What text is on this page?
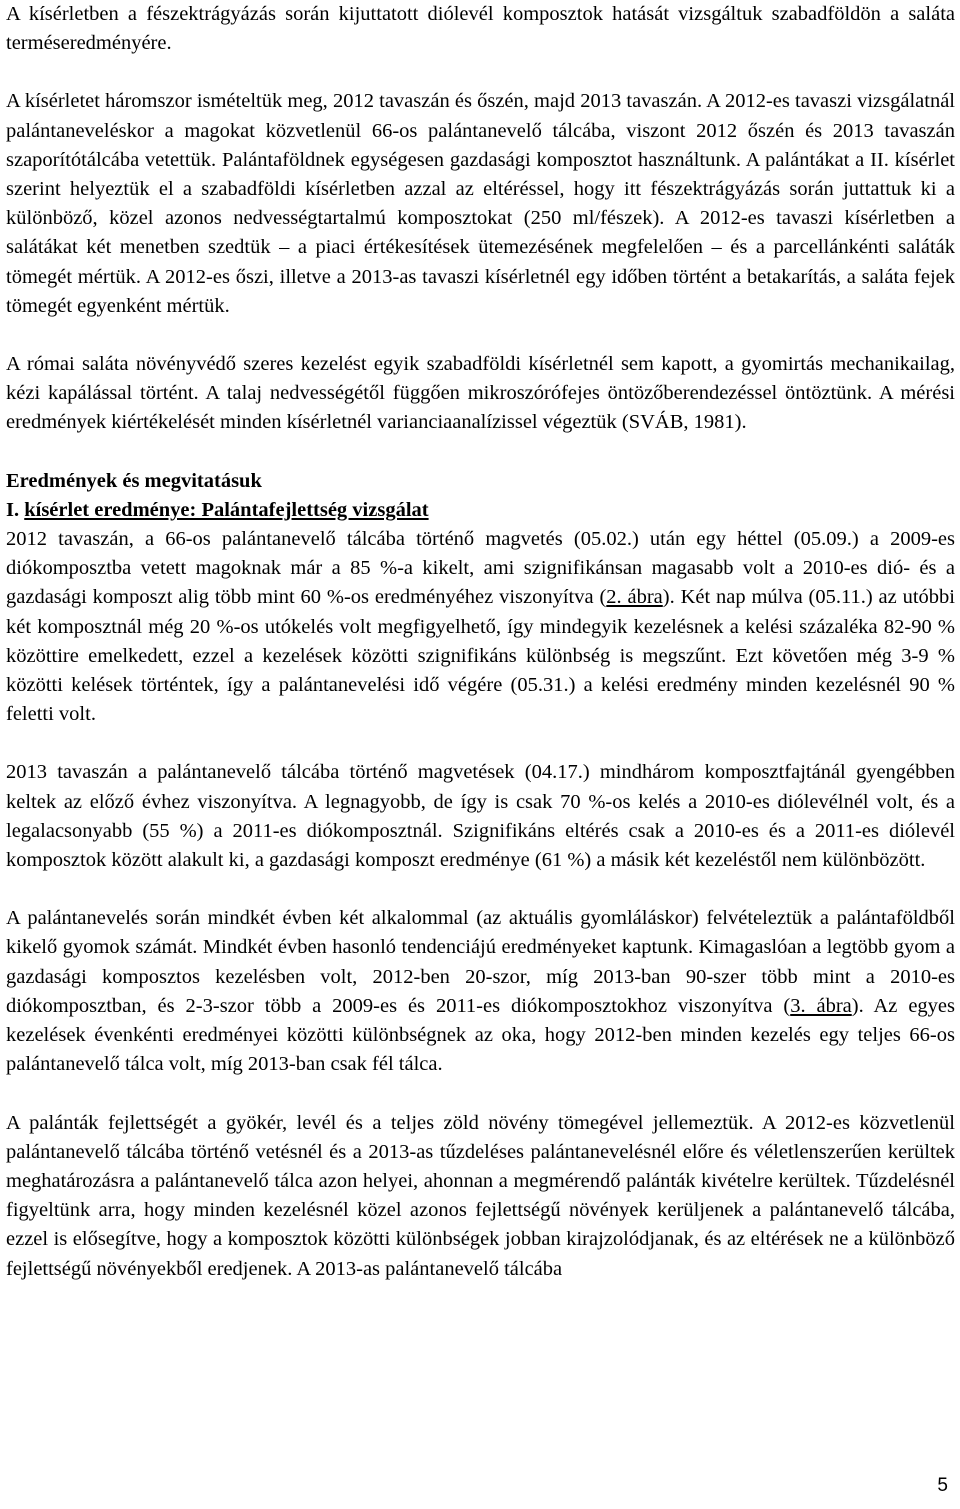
A kísérletben a fészektrágyázás során kijuttatott diólevél komposztok hatását vizsgáltuk szabadföldön a saláta terméseredményére.

A kísérletet háromszor ismételtük meg, 2012 tavaszán és őszén, majd 2013 tavaszán. A 2012-es tavaszi vizsgálatnál palántaneveléskor a magokat közvetlenül 66-os palántanevelő tálcába, viszont 2012 őszén és 2013 tavaszán szaporítótálcába vetettük. Palántaföldnek egységesen gazdasági komposztot használtunk. A palántákat a II. kísérlet szerint helyeztük el a szabadföldi kísérletben azzal az eltéréssel, hogy itt fészektrágyázás során juttattuk ki a különböző, közel azonos nedvességtartalmú komposztokat (250 ml/fészek). A 2012-es tavaszi kísérletben a salátákat két menetben szedtük – a piaci értékesítések ütemezésének megfelelően – és a parcellánkénti saláták tömegét mértük. A 2012-es őszi, illetve a 2013-as tavaszi kísérletnél egy időben történt a betakarítás, a saláta fejek tömegét egyenként mértük.

A római saláta növényvédő szeres kezelést egyik szabadföldi kísérletnél sem kapott, a gyomirtás mechanikailag, kézi kapálással történt. A talaj nedvességétől függően mikroszórófejes öntözőberendezéssel öntöztünk. A mérési eredmények kiértékelését minden kísérletnél varianciaanalízissel végeztük (SVÁB, 1981).

Eredmények és megvitatásuk

I. kísérlet eredménye: Palántafejlettség vizsgálat

2012 tavaszán, a 66-os palántanevelő tálcába történő magvetés (05.02.) után egy héttel (05.09.) a 2009-es diókomposztba vetett magoknak már a 85 %-a kikelt, ami szignifikánsan magasabb volt a 2010-es dió- és a gazdasági komposzt alig több mint 60 %-os eredményéhez viszonyítva (2. ábra). Két nap múlva (05.11.) az utóbbi két komposztnál még 20 %-os utókelés volt megfigyelhető, így mindegyik kezelésnek a kelési százaléka 82-90 % közöttire emelkedett, ezzel a kezelések közötti szignifikáns különbség is megszűnt. Ezt követően még 3-9 % közötti kelések történtek, így a palántanevelési idő végére (05.31.) a kelési eredmény minden kezelésnél 90 % feletti volt.

2013 tavaszán a palántanevelő tálcába történő magvetések (04.17.) mindhárom komposztfajtánál gyengébben keltek az előző évhez viszonyítva. A legnagyobb, de így is csak 70 %-os kelés a 2010-es diólevélnél volt, és a legalacsonyabb (55 %) a 2011-es diókomposztnál. Szignifikáns eltérés csak a 2010-es és a 2011-es diólevél komposztok között alakult ki, a gazdasági komposzt eredménye (61 %) a másik két kezeléstől nem különbözött.

A palántanevelés során mindkét évben két alkalommal (az aktuális gyomláláskor) felvételeztük a palántaföldből kikelő gyomok számát. Mindkét évben hasonló tendenciájú eredményeket kaptunk. Kimagaslóan a legtöbb gyom a gazdasági komposztos kezelésben volt, 2012-ben 20-szor, míg 2013-ban 90-szer több mint a 2010-es diókomposztban, és 2-3-szor több a 2009-es és 2011-es diókomposztokhoz viszonyítva (3. ábra). Az egyes kezelések évenkénti eredményei közötti különbségnek az oka, hogy 2012-ben minden kezelés egy teljes 66-os palántanevelő tálca volt, míg 2013-ban csak fél tálca.

A palánták fejlettségét a gyökér, levél és a teljes zöld növény tömegével jellemeztük. A 2012-es közvetlenül palántanevelő tálcába történő vetésnél és a 2013-as tűzdeléses palántanevelésnél előre és véletlenszerűen kerültek meghatározásra a palántanevelő tálca azon helyei, ahonnan a megmérendő palánták kivételre kerültek. Tűzdelésnél figyeltünk arra, hogy minden kezelésnél közel azonos fejlettségű növények kerüljenek a palántanevelő tálcába, ezzel is elősegítve, hogy a komposztok közötti különbségek jobban kirajzolódjanak, és az eltérések ne a különböző fejlettségű növényekből eredjenek. A 2013-as palántanevelő tálcába

5
